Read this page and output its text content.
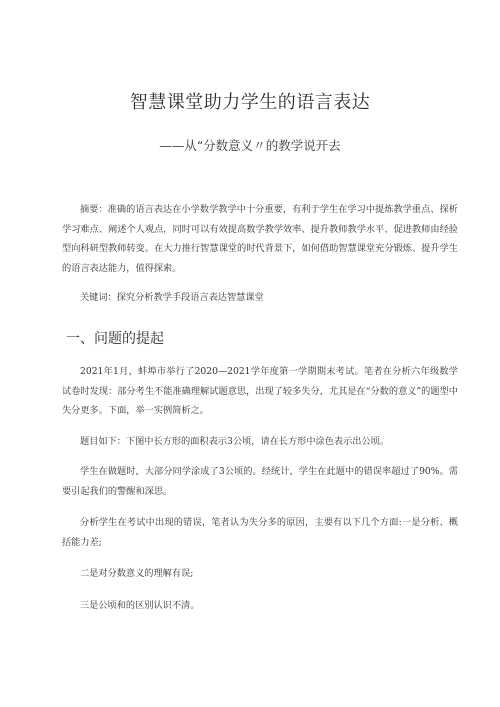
智慧课堂助力学生的语言表达

——从“分数意义〃的教学说开去

摘要：准确的语言表达在小学数学教学中十分重要，有利于学生在学习中提炼教学重点、探析学习难点、阐述个人观点，同时可以有效提高数学教学效率、提升教师教学水平、促进教师由经验型向科研型教师转变。在大力推行智慧课堂的时代背景下，如何借助智慧课堂充分锻炼、提升学生的语言表达能力，值得探索。

关键词：探究分析教学手段语言表达智慧课堂

一、问题的提起

2021年1月，蚌埠市举行了2020—2021学年度第一学期期末考试。笔者在分析六年级数学试卷时发现：部分考生不能准确理解试题意思，出现了较多失分，尤其是在“分数的意义”的题型中失分更多。下面，举一实例简析之。

题目如下：下图中长方形的面积表示3公顷，请在长方形中涂色表示出公顷。

学生在做题时，大部分同学涂成了3公顷的。经统计，学生在此题中的错误率超过了90%。需要引起我们的警醒和深思。

分析学生在考试中出现的错误，笔者认为失分多的原因，主要有以下几个方面:一是分析、概括能力差;

二是对分数意义的理解有误;

三是公顷和的区别认识不清。
